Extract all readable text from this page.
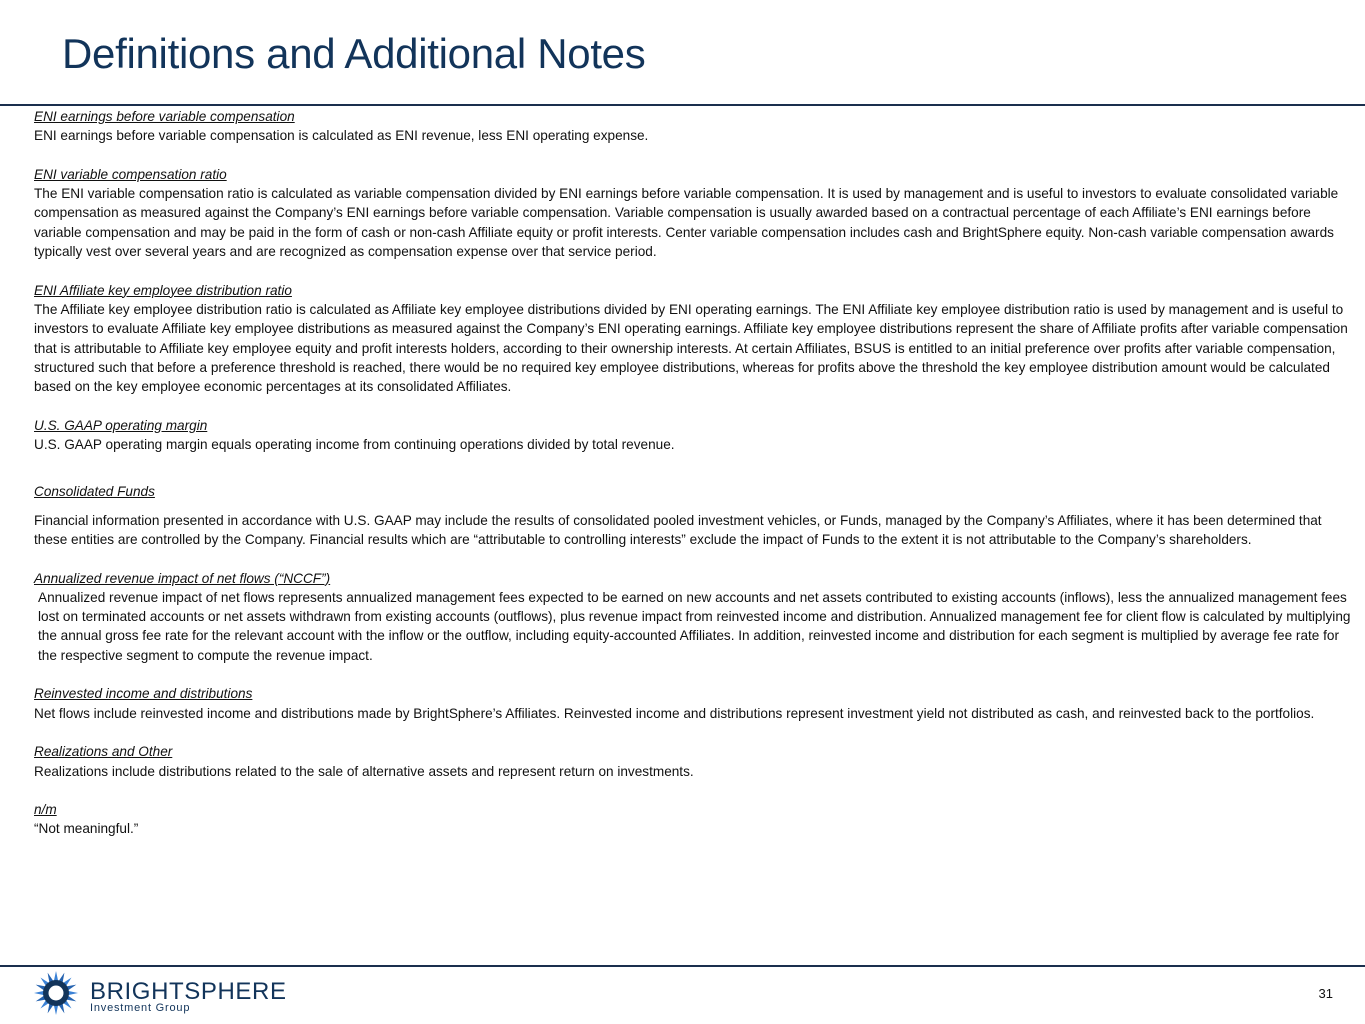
Definitions and Additional Notes
ENI earnings before variable compensation
ENI earnings before variable compensation is calculated as ENI revenue, less ENI operating expense.
ENI variable compensation ratio
The ENI variable compensation ratio is calculated as variable compensation divided by ENI earnings before variable compensation. It is used by management and is useful to investors to evaluate consolidated variable compensation as measured against the Company’s ENI earnings before variable compensation. Variable compensation is usually awarded based on a contractual percentage of each Affiliate’s ENI earnings before variable compensation and may be paid in the form of cash or non-cash Affiliate equity or profit interests. Center variable compensation includes cash and BrightSphere equity. Non-cash variable compensation awards typically vest over several years and are recognized as compensation expense over that service period.
ENI Affiliate key employee distribution ratio
The Affiliate key employee distribution ratio is calculated as Affiliate key employee distributions divided by ENI operating earnings. The ENI Affiliate key employee distribution ratio is used by management and is useful to investors to evaluate Affiliate key employee distributions as measured against the Company’s ENI operating earnings. Affiliate key employee distributions represent the share of Affiliate profits after variable compensation that is attributable to Affiliate key employee equity and profit interests holders, according to their ownership interests. At certain Affiliates, BSUS is entitled to an initial preference over profits after variable compensation, structured such that before a preference threshold is reached, there would be no required key employee distributions, whereas for profits above the threshold the key employee distribution amount would be calculated based on the key employee economic percentages at its consolidated Affiliates.
U.S. GAAP operating margin
U.S. GAAP operating margin equals operating income from continuing operations divided by total revenue.
Consolidated Funds
Financial information presented in accordance with U.S. GAAP may include the results of consolidated pooled investment vehicles, or Funds, managed by the Company’s Affiliates, where it has been determined that these entities are controlled by the Company. Financial results which are “attributable to controlling interests” exclude the impact of Funds to the extent it is not attributable to the Company’s shareholders.
Annualized revenue impact of net flows (“NCCF”)
Annualized revenue impact of net flows represents annualized management fees expected to be earned on new accounts and net assets contributed to existing accounts (inflows), less the annualized management fees lost on terminated accounts or net assets withdrawn from existing accounts (outflows), plus revenue impact from reinvested income and distribution. Annualized management fee for client flow is calculated by multiplying the annual gross fee rate for the relevant account with the inflow or the outflow, including equity-accounted Affiliates. In addition, reinvested income and distribution for each segment is multiplied by average fee rate for the respective segment to compute the revenue impact.
Reinvested income and distributions
Net flows include reinvested income and distributions made by BrightSphere’s Affiliates. Reinvested income and distributions represent investment yield not distributed as cash, and reinvested back to the portfolios.
Realizations and Other
Realizations include distributions related to the sale of alternative assets and represent return on investments.
n/m
“Not meaningful.”
BRIGHTSPHERE
Investment Group
31
